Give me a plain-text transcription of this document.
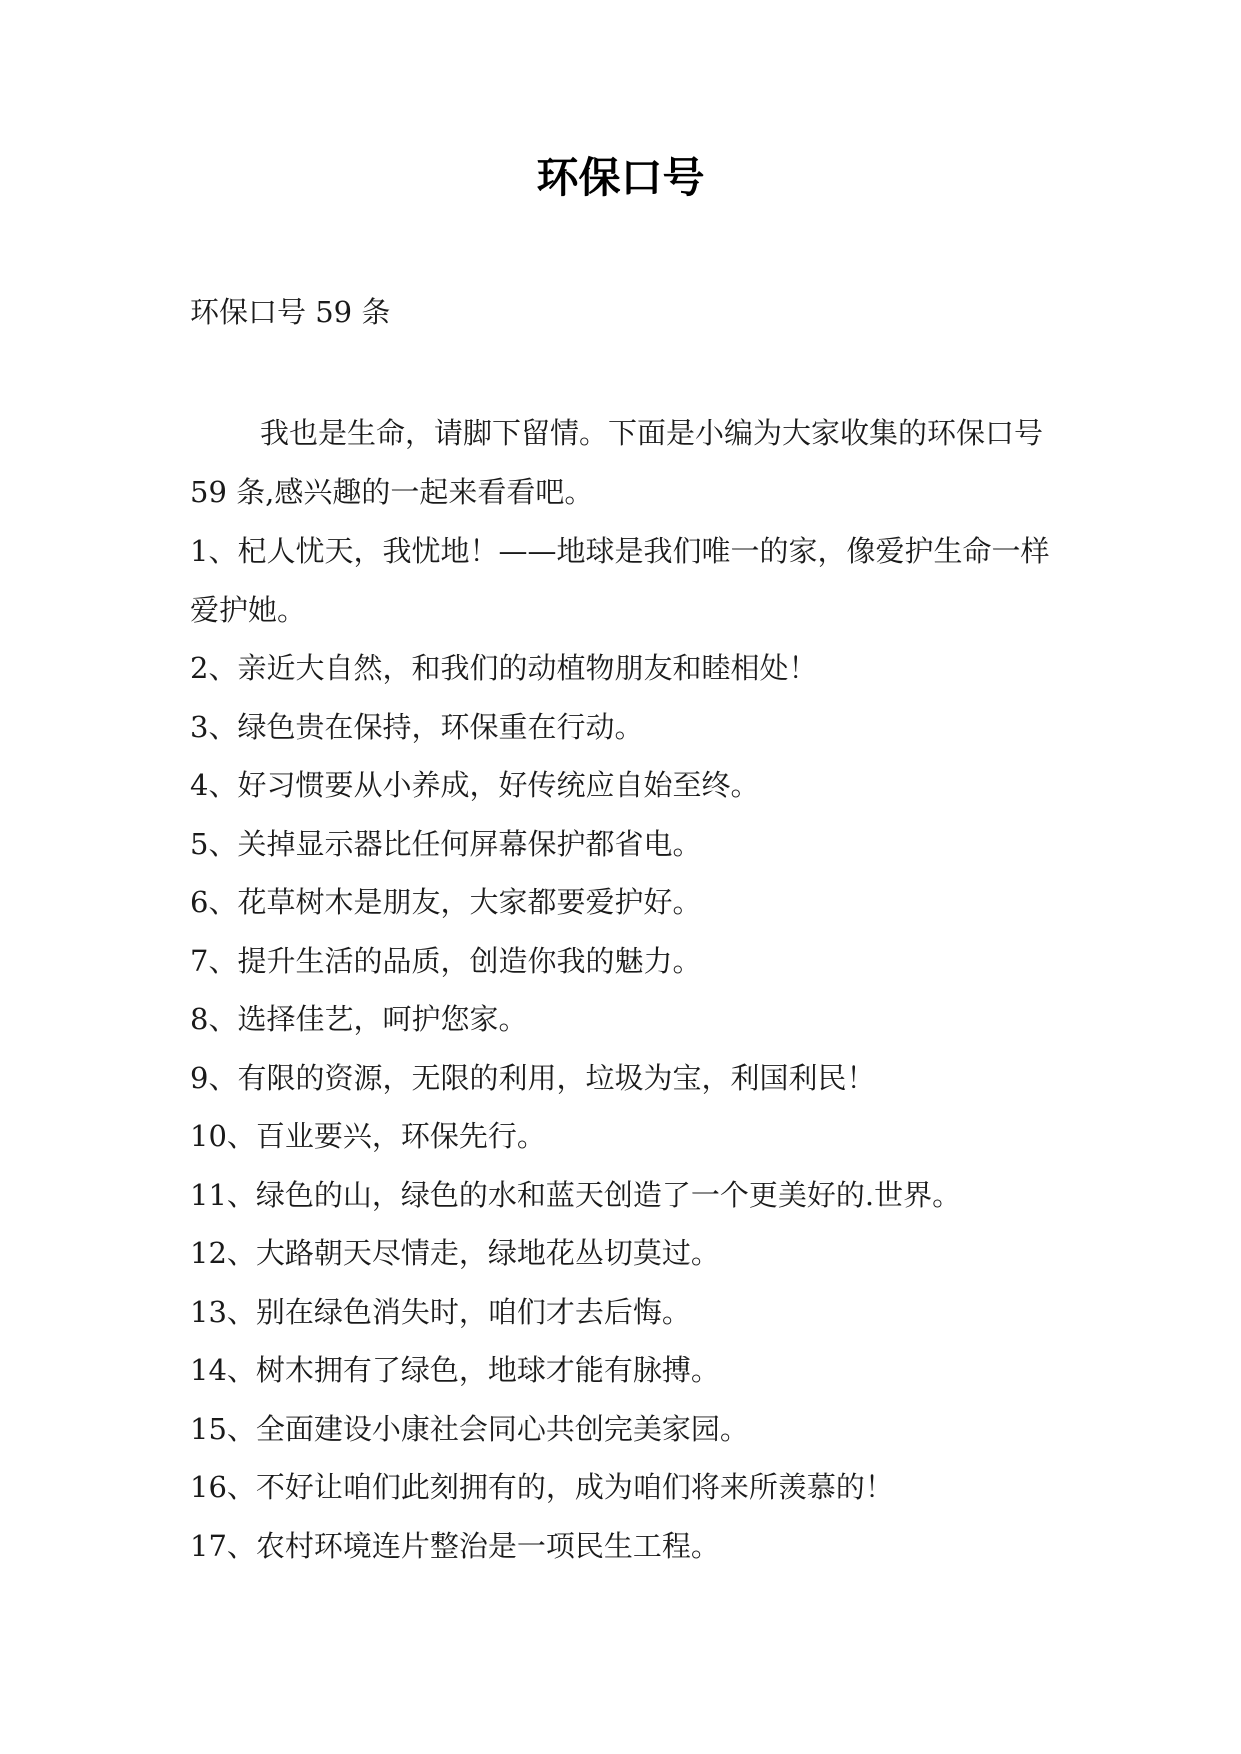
环保口号

环保口号 59 条

我也是生命，请脚下留情。下面是小编为大家收集的环保口号 59 条,感兴趣的一起来看看吧。

1、杞人忧天，我忧地！——地球是我们唯一的家，像爱护生命一样爱护她。
2、亲近大自然，和我们的动植物朋友和睦相处！
3、绿色贵在保持，环保重在行动。
4、好习惯要从小养成，好传统应自始至终。
5、关掉显示器比任何屏幕保护都省电。
6、花草树木是朋友，大家都要爱护好。
7、提升生活的品质，创造你我的魅力。
8、选择佳艺，呵护您家。
9、有限的资源，无限的利用，垃圾为宝，利国利民！
10、百业要兴，环保先行。
11、绿色的山，绿色的水和蓝天创造了一个更美好的.世界。
12、大路朝天尽情走，绿地花丛切莫过。
13、别在绿色消失时，咱们才去后悔。
14、树木拥有了绿色，地球才能有脉搏。
15、全面建设小康社会同心共创完美家园。
16、不好让咱们此刻拥有的，成为咱们将来所羡慕的！
17、农村环境连片整治是一项民生工程。
